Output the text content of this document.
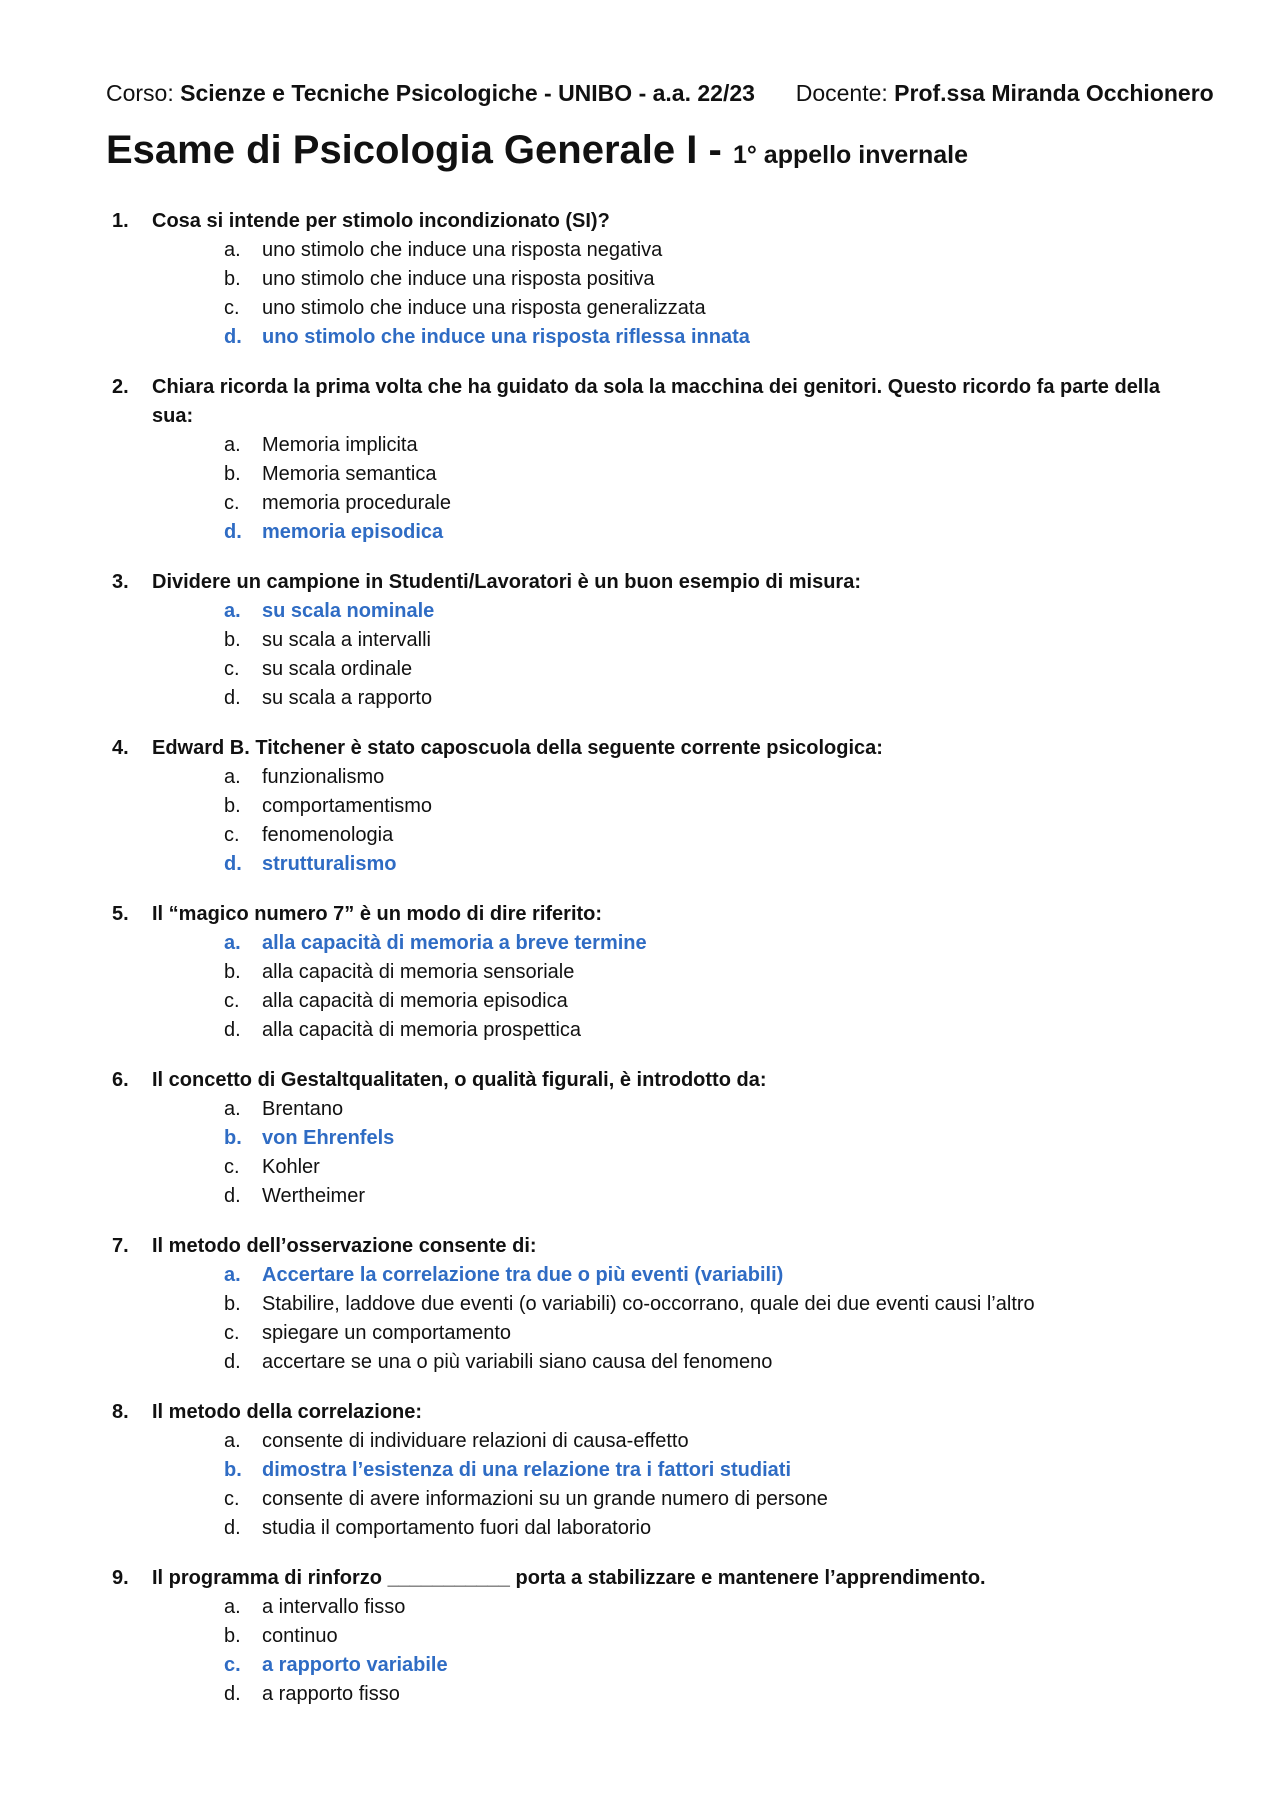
Corso: Scienze e Tecniche Psicologiche - UNIBO - a.a. 22/23 Docente: Prof.ssa Miranda Occhionero
Esame di Psicologia Generale I - 1° appello invernale
1. Cosa si intende per stimolo incondizionato (SI)?
a. uno stimolo che induce una risposta negativa
b. uno stimolo che induce una risposta positiva
c. uno stimolo che induce una risposta generalizzata
d. uno stimolo che induce una risposta riflessa innata
2. Chiara ricorda la prima volta che ha guidato da sola la macchina dei genitori. Questo ricordo fa parte della sua:
a. Memoria implicita
b. Memoria semantica
c. memoria procedurale
d. memoria episodica
3. Dividere un campione in Studenti/Lavoratori è un buon esempio di misura:
a. su scala nominale
b. su scala a intervalli
c. su scala ordinale
d. su scala a rapporto
4. Edward B. Titchener è stato caposcuola della seguente corrente psicologica:
a. funzionalismo
b. comportamentismo
c. fenomenologia
d. strutturalismo
5. Il “magico numero 7” è un modo di dire riferito:
a. alla capacità di memoria a breve termine
b. alla capacità di memoria sensoriale
c. alla capacità di memoria episodica
d. alla capacità di memoria prospettica
6. Il concetto di Gestaltqualitaten, o qualità figurali, è introdotto da:
a. Brentano
b. von Ehrenfels
c. Kohler
d. Wertheimer
7. Il metodo dell’osservazione consente di:
a. Accertare la correlazione tra due o più eventi (variabili)
b. Stabilire, laddove due eventi (o variabili) co-occorrano, quale dei due eventi causi l’altro
c. spiegare un comportamento
d. accertare se una o più variabili siano causa del fenomeno
8. Il metodo della correlazione:
a. consente di individuare relazioni di causa-effetto
b. dimostra l’esistenza di una relazione tra i fattori studiati
c. consente di avere informazioni su un grande numero di persone
d. studia il comportamento fuori dal laboratorio
9. Il programma di rinforzo ___________ porta a stabilizzare e mantenere l’apprendimento.
a. a intervallo fisso
b. continuo
c. a rapporto variabile
d. a rapporto fisso
